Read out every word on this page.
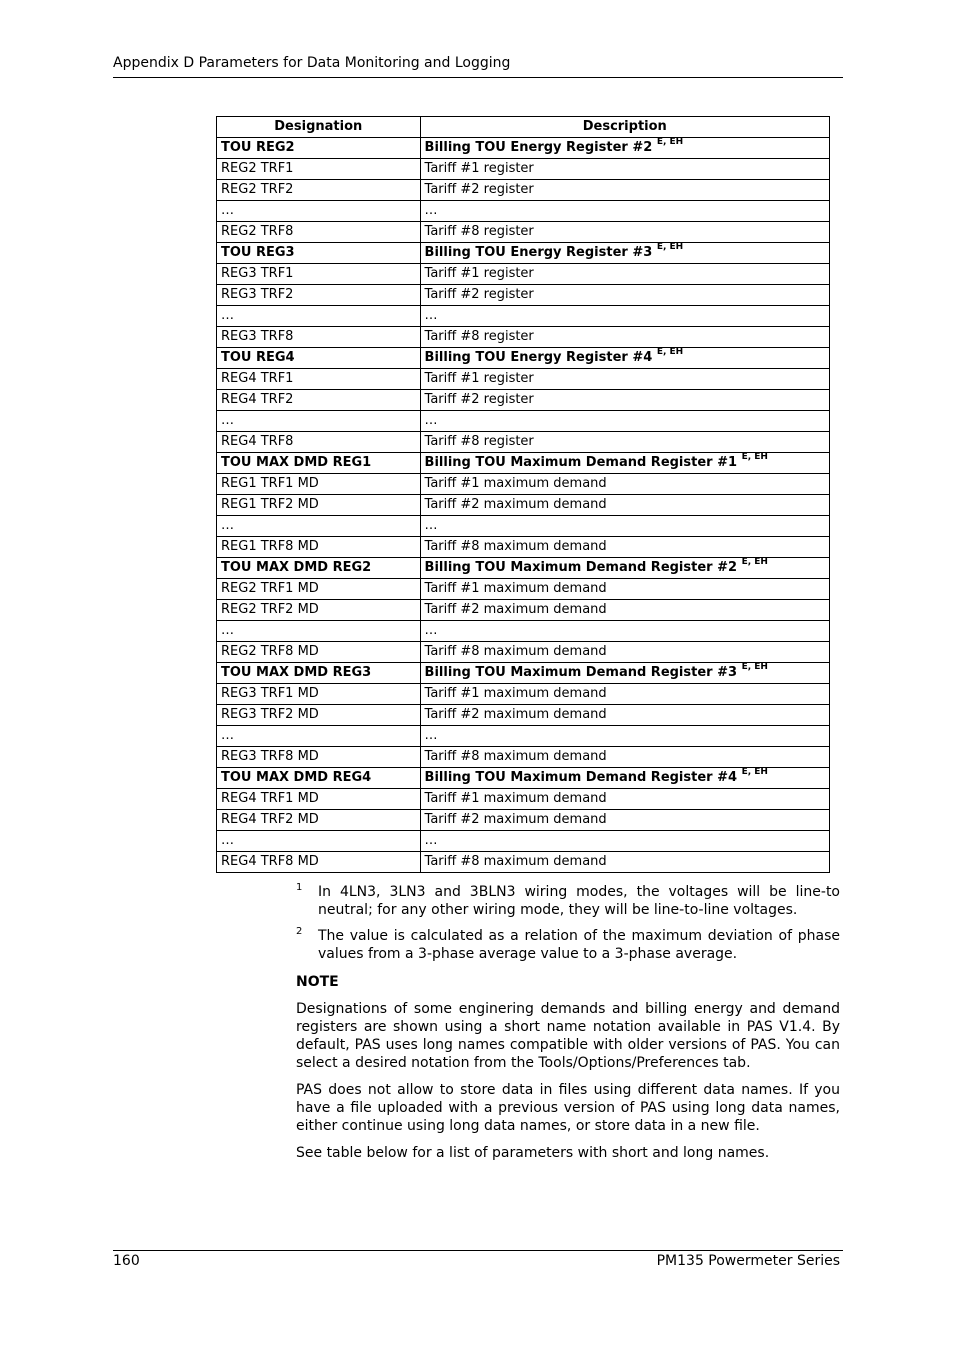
Appendix D Parameters for Data Monitoring and Logging
Designation	Description
TOU REG2	Billing TOU Energy Register #2 $^{E, EH}$
REG2 TRF1	Tariff #1 register
REG2 TRF2	Tariff #2 register
…	…
REG2 TRF8	Tariff #8 register
TOU REG3	Billing TOU Energy Register #3 $^{E, EH}$
REG3 TRF1	Tariff #1 register
REG3 TRF2	Tariff #2 register
…	…
REG3 TRF8	Tariff #8 register
TOU REG4	Billing TOU Energy Register #4 $^{E, EH}$
REG4 TRF1	Tariff #1 register
REG4 TRF2	Tariff #2 register
…	…
REG4 TRF8	Tariff #8 register
TOU MAX DMD REG1	Billing TOU Maximum Demand Register #1 $^{E, EH}$
REG1 TRF1 MD	Tariff #1 maximum demand
REG1 TRF2 MD	Tariff #2 maximum demand
…	…
REG1 TRF8 MD	Tariff #8 maximum demand
TOU MAX DMD REG2	Billing TOU Maximum Demand Register #2 $^{E, EH}$
REG2 TRF1 MD	Tariff #1 maximum demand
REG2 TRF2 MD	Tariff #2 maximum demand
…	…
REG2 TRF8 MD	Tariff #8 maximum demand
TOU MAX DMD REG3	Billing TOU Maximum Demand Register #3 $^{E, EH}$
REG3 TRF1 MD	Tariff #1 maximum demand
REG3 TRF2 MD	Tariff #2 maximum demand
…	…
REG3 TRF8 MD	Tariff #8 maximum demand
TOU MAX DMD REG4	Billing TOU Maximum Demand Register #4 $^{E, EH}$
REG4 TRF1 MD	Tariff #1 maximum demand
REG4 TRF2 MD	Tariff #2 maximum demand
…	…
REG4 TRF8 MD	Tariff #8 maximum demand
1 In 4LN3, 3LN3 and 3BLN3 wiring modes, the voltages will be line-to neutral; for any other wiring mode, they will be line-to-line voltages.
2 The value is calculated as a relation of the maximum deviation of phase values from a 3-phase average value to a 3-phase average.
NOTE

Designations of some enginering demands and billing energy and demand registers are shown using a short name notation available in PAS V1.4. By default, PAS uses long names compatible with older versions of PAS. You can select a desired notation from the Tools/Options/Preferences tab.

PAS does not allow to store data in files using different data names. If you have a file uploaded with a previous version of PAS using long data names, either continue using long data names, or store data in a new file.

See table below for a list of parameters with short and long names.

160	PM135 Powermeter Series
